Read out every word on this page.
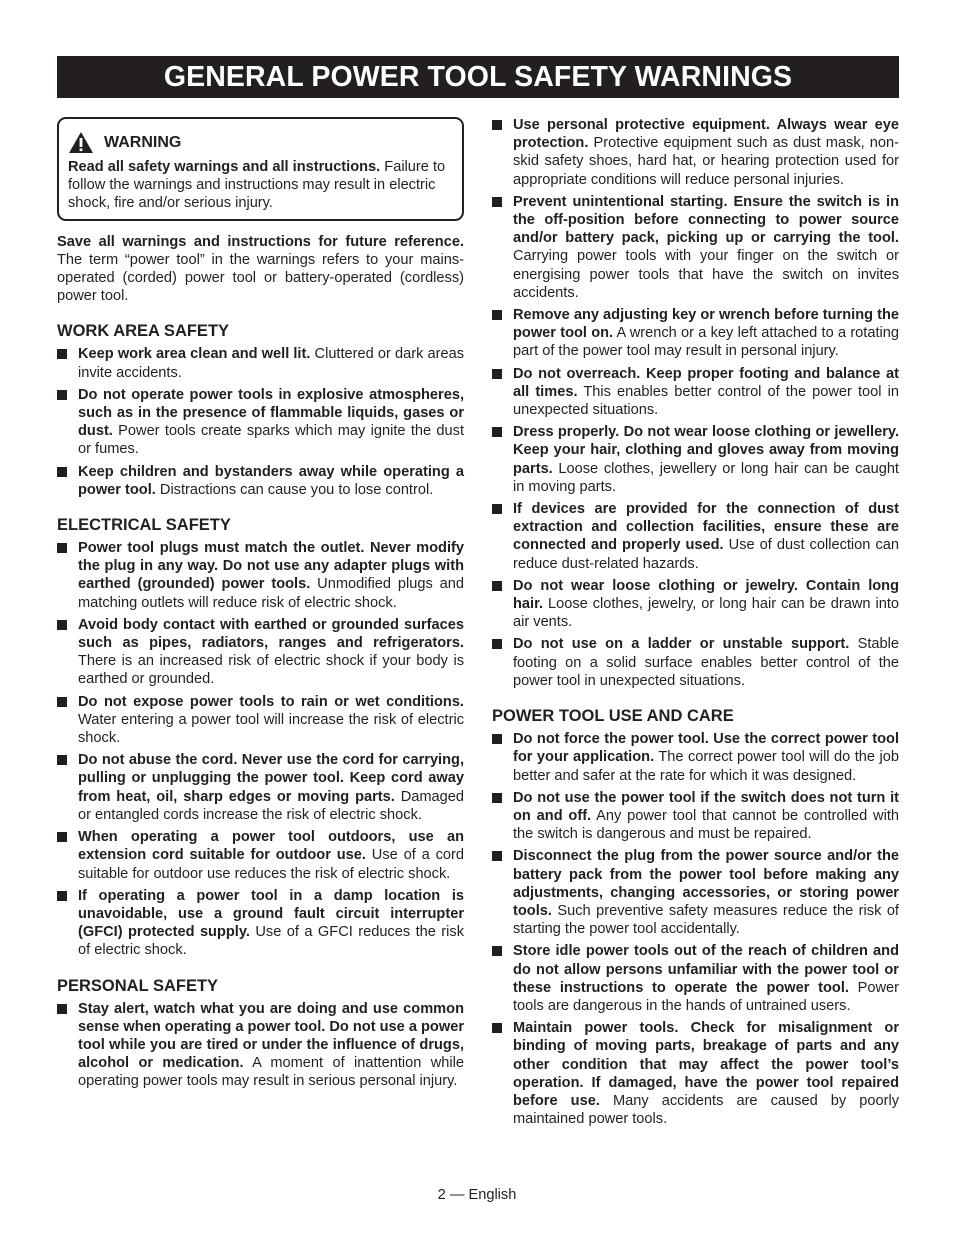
GENERAL POWER TOOL SAFETY WARNINGS
WARNING

Read all safety warnings and all instructions. Failure to follow the warnings and instructions may result in electric shock, fire and/or serious injury.

Save all warnings and instructions for future reference. The term “power tool” in the warnings refers to your mains-operated (corded) power tool or battery-operated (cordless) power tool.

WORK AREA SAFETY
Keep work area clean and well lit. Cluttered or dark areas invite accidents.
Do not operate power tools in explosive atmospheres, such as in the presence of flammable liquids, gases or dust. Power tools create sparks which may ignite the dust or fumes.
Keep children and bystanders away while operating a power tool. Distractions can cause you to lose control.
ELECTRICAL SAFETY
Power tool plugs must match the outlet. Never modify the plug in any way. Do not use any adapter plugs with earthed (grounded) power tools. Unmodified plugs and matching outlets will reduce risk of electric shock.
Avoid body contact with earthed or grounded surfaces such as pipes, radiators, ranges and refrigerators. There is an increased risk of electric shock if your body is earthed or grounded.
Do not expose power tools to rain or wet conditions. Water entering a power tool will increase the risk of electric shock.
Do not abuse the cord. Never use the cord for carrying, pulling or unplugging the power tool. Keep cord away from heat, oil, sharp edges or moving parts. Damaged or entangled cords increase the risk of electric shock.
When operating a power tool outdoors, use an extension cord suitable for outdoor use. Use of a cord suitable for outdoor use reduces the risk of electric shock.
If operating a power tool in a damp location is unavoidable, use a ground fault circuit interrupter (GFCI) protected supply. Use of a GFCI reduces the risk of electric shock.
PERSONAL SAFETY
Stay alert, watch what you are doing and use common sense when operating a power tool. Do not use a power tool while you are tired or under the influence of drugs, alcohol or medication. A moment of inattention while operating power tools may result in serious personal injury.
Use personal protective equipment. Always wear eye protection. Protective equipment such as dust mask, non-skid safety shoes, hard hat, or hearing protection used for appropriate conditions will reduce personal injuries.
Prevent unintentional starting. Ensure the switch is in the off-position before connecting to power source and/or battery pack, picking up or carrying the tool. Carrying power tools with your finger on the switch or energising power tools that have the switch on invites accidents.
Remove any adjusting key or wrench before turning the power tool on. A wrench or a key left attached to a rotating part of the power tool may result in personal injury.
Do not overreach. Keep proper footing and balance at all times. This enables better control of the power tool in unexpected situations.
Dress properly. Do not wear loose clothing or jewellery. Keep your hair, clothing and gloves away from moving parts. Loose clothes, jewellery or long hair can be caught in moving parts.
If devices are provided for the connection of dust extraction and collection facilities, ensure these are connected and properly used. Use of dust collection can reduce dust-related hazards.
Do not wear loose clothing or jewelry. Contain long hair. Loose clothes, jewelry, or long hair can be drawn into air vents.
Do not use on a ladder or unstable support. Stable footing on a solid surface enables better control of the power tool in unexpected situations.
POWER TOOL USE AND CARE
Do not force the power tool. Use the correct power tool for your application. The correct power tool will do the job better and safer at the rate for which it was designed.
Do not use the power tool if the switch does not turn it on and off. Any power tool that cannot be controlled with the switch is dangerous and must be repaired.
Disconnect the plug from the power source and/or the battery pack from the power tool before making any adjustments, changing accessories, or storing power tools. Such preventive safety measures reduce the risk of starting the power tool accidentally.
Store idle power tools out of the reach of children and do not allow persons unfamiliar with the power tool or these instructions to operate the power tool. Power tools are dangerous in the hands of untrained users.
Maintain power tools. Check for misalignment or binding of moving parts, breakage of parts and any other condition that may affect the power tool’s operation. If damaged, have the power tool repaired before use. Many accidents are caused by poorly maintained power tools.
2 — English
